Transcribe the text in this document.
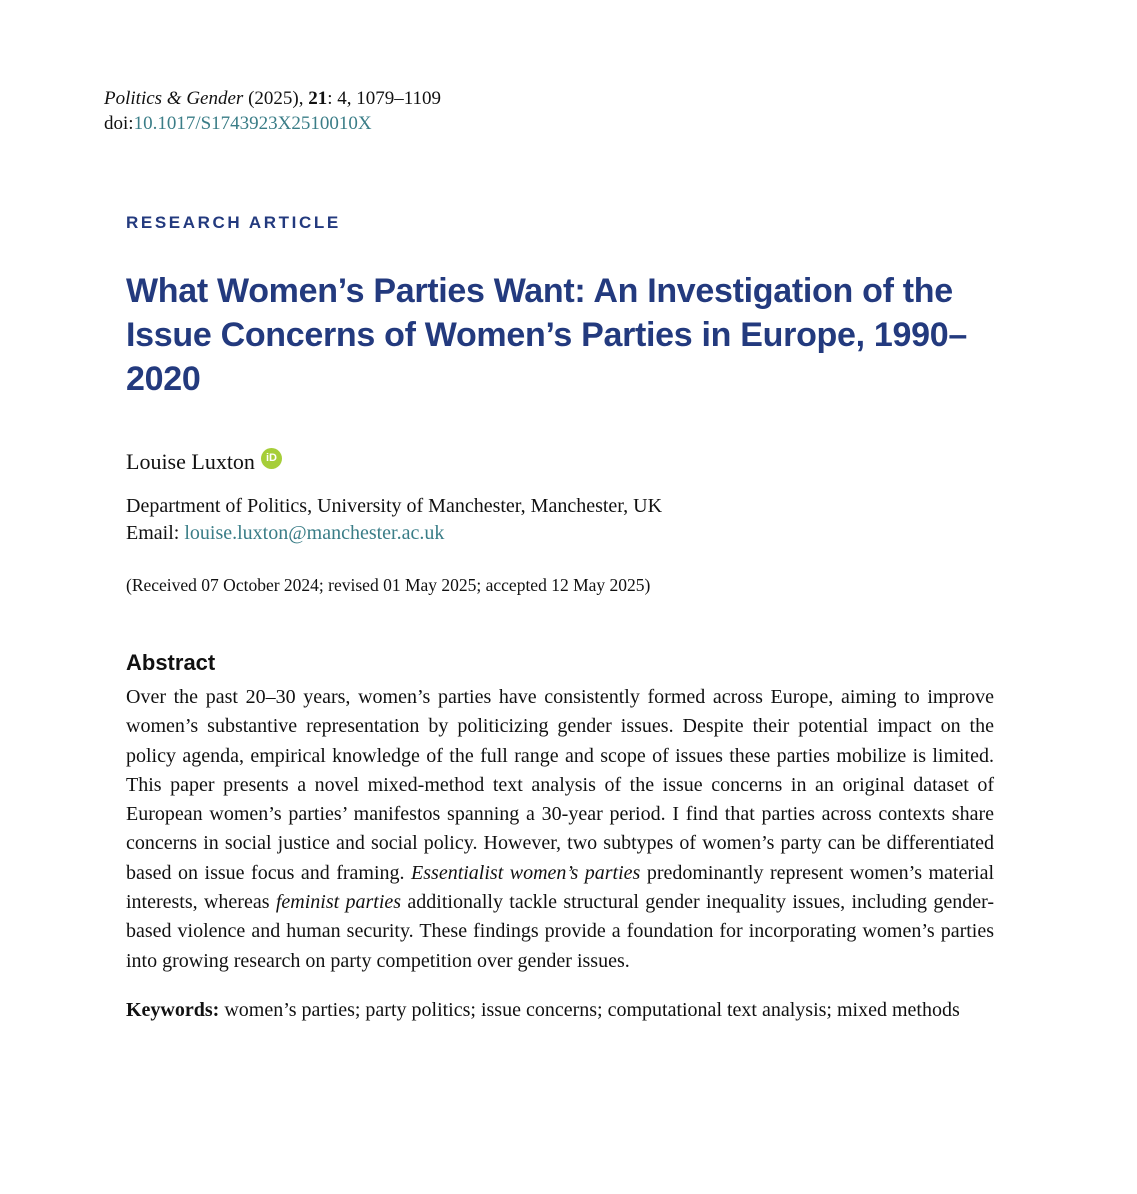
Politics & Gender (2025), 21: 4, 1079–1109
doi:10.1017/S1743923X2510010X

RESEARCH ARTICLE

What Women’s Parties Want: An Investigation of the Issue Concerns of Women’s Parties in Europe, 1990–2020
Louise Luxton	iD
Department of Politics, University of Manchester, Manchester, UK
Email: louise.luxton@manchester.ac.uk
(Received 07 October 2024; revised 01 May 2025; accepted 12 May 2025)
Abstract
Over the past 20–30 years, women’s parties have consistently formed across Europe, aiming to improve women’s substantive representation by politicizing gender issues. Despite their potential impact on the policy agenda, empirical knowledge of the full range and scope of issues these parties mobilize is limited. This paper presents a novel mixed-method text analysis of the issue concerns in an original dataset of European women’s parties’ manifestos spanning a 30-year period. I find that parties across contexts share concerns in social justice and social policy. However, two subtypes of women’s party can be differentiated based on issue focus and framing. Essentialist women’s parties predominantly represent women’s material interests, whereas feminist parties additionally tackle structural gender inequality issues, including gender-based violence and human security. These findings provide a foundation for incorporating women’s parties into growing research on party competition over gender issues.
Keywords: women’s parties; party politics; issue concerns; computational text analysis; mixed methods
